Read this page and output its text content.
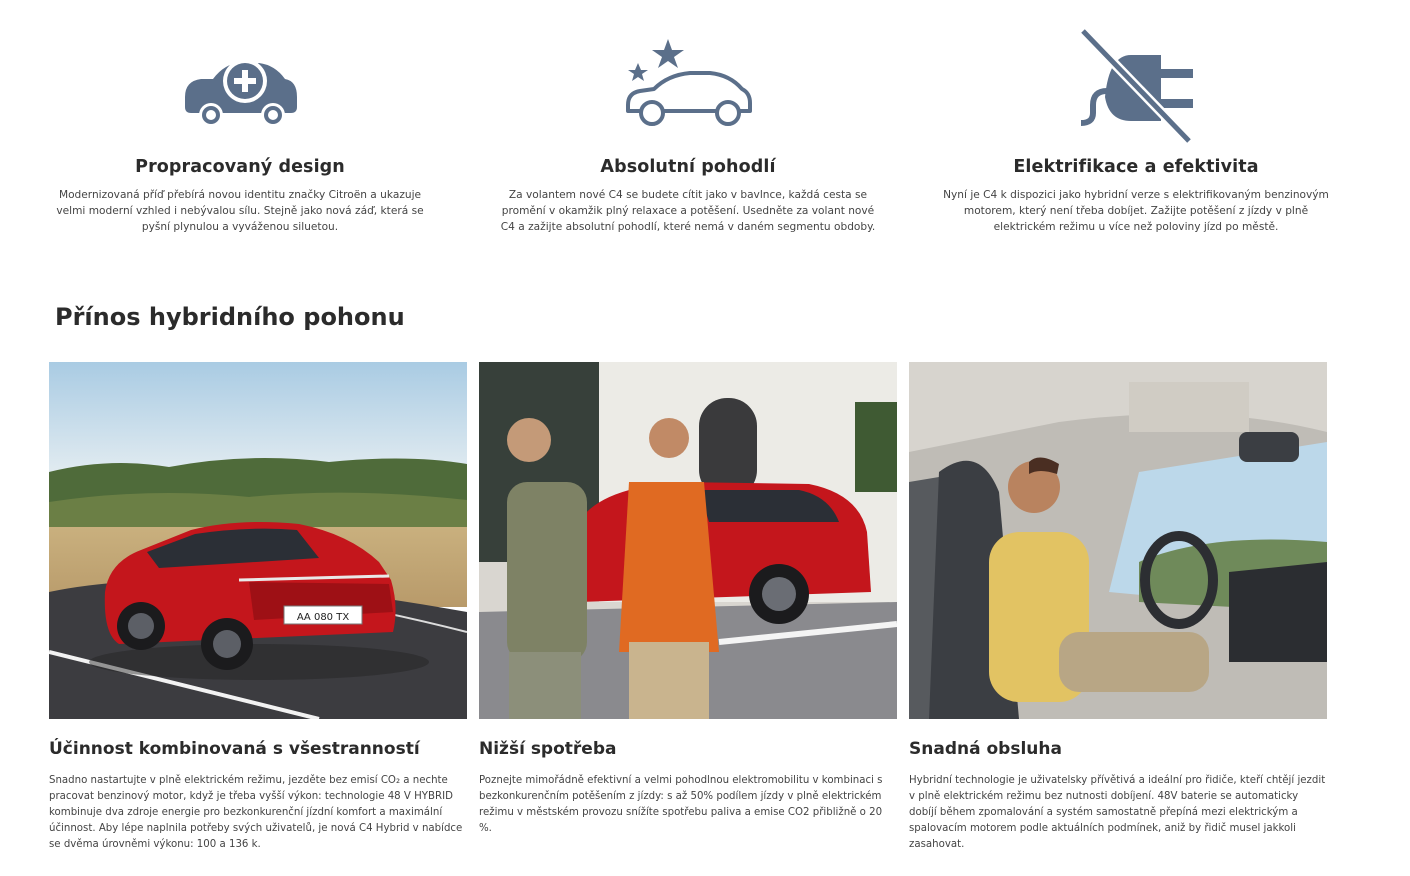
Propracovaný design

Modernizovaná příď přebírá novou identitu značky Citroën a ukazuje velmi moderní vzhled i nebývalou sílu. Stejně jako nová záď, která se pyšní plynulou a vyváženou siluetou.

Absolutní pohodlí

Za volantem nové C4 se budete cítit jako v bavlnce, každá cesta se promění v okamžik plný relaxace a potěšení. Usedněte za volant nové C4 a zažijte absolutní pohodlí, které nemá v daném segmentu obdoby.

Elektrifikace a efektivita

Nyní je C4 k dispozici jako hybridní verze s elektrifikovaným benzinovým motorem, který není třeba dobíjet. Zažijte potěšení z jízdy v plně elektrickém režimu u více než poloviny jízd po městě.

Přínos hybridního pohonu
AA 080 TX
Účinnost kombinovaná s všestranností

Snadno nastartujte v plně elektrickém režimu, jezděte bez emisí CO₂ a nechte pracovat benzinový motor, když je třeba vyšší výkon: technologie 48 V HYBRID kombinuje dva zdroje energie pro bezkonkurenční jízdní komfort a maximální účinnost. Aby lépe naplnila potřeby svých uživatelů, je nová C4 Hybrid v nabídce se dvěma úrovněmi výkonu: 100 a 136 k.

Nižší spotřeba

Poznejte mimořádně efektivní a velmi pohodlnou elektromobilitu v kombinaci s bezkonkurenčním potěšením z jízdy: s až 50% podílem jízdy v plně elektrickém režimu v městském provozu snížíte spotřebu paliva a emise CO2 přibližně o 20 %.

Snadná obsluha

Hybridní technologie je uživatelsky přívětivá a ideální pro řidiče, kteří chtějí jezdit v plně elektrickém režimu bez nutnosti dobíjení. 48V baterie se automaticky dobíjí během zpomalování a systém samostatně přepíná mezi elektrickým a spalovacím motorem podle aktuálních podmínek, aniž by řidič musel jakkoli zasahovat.
